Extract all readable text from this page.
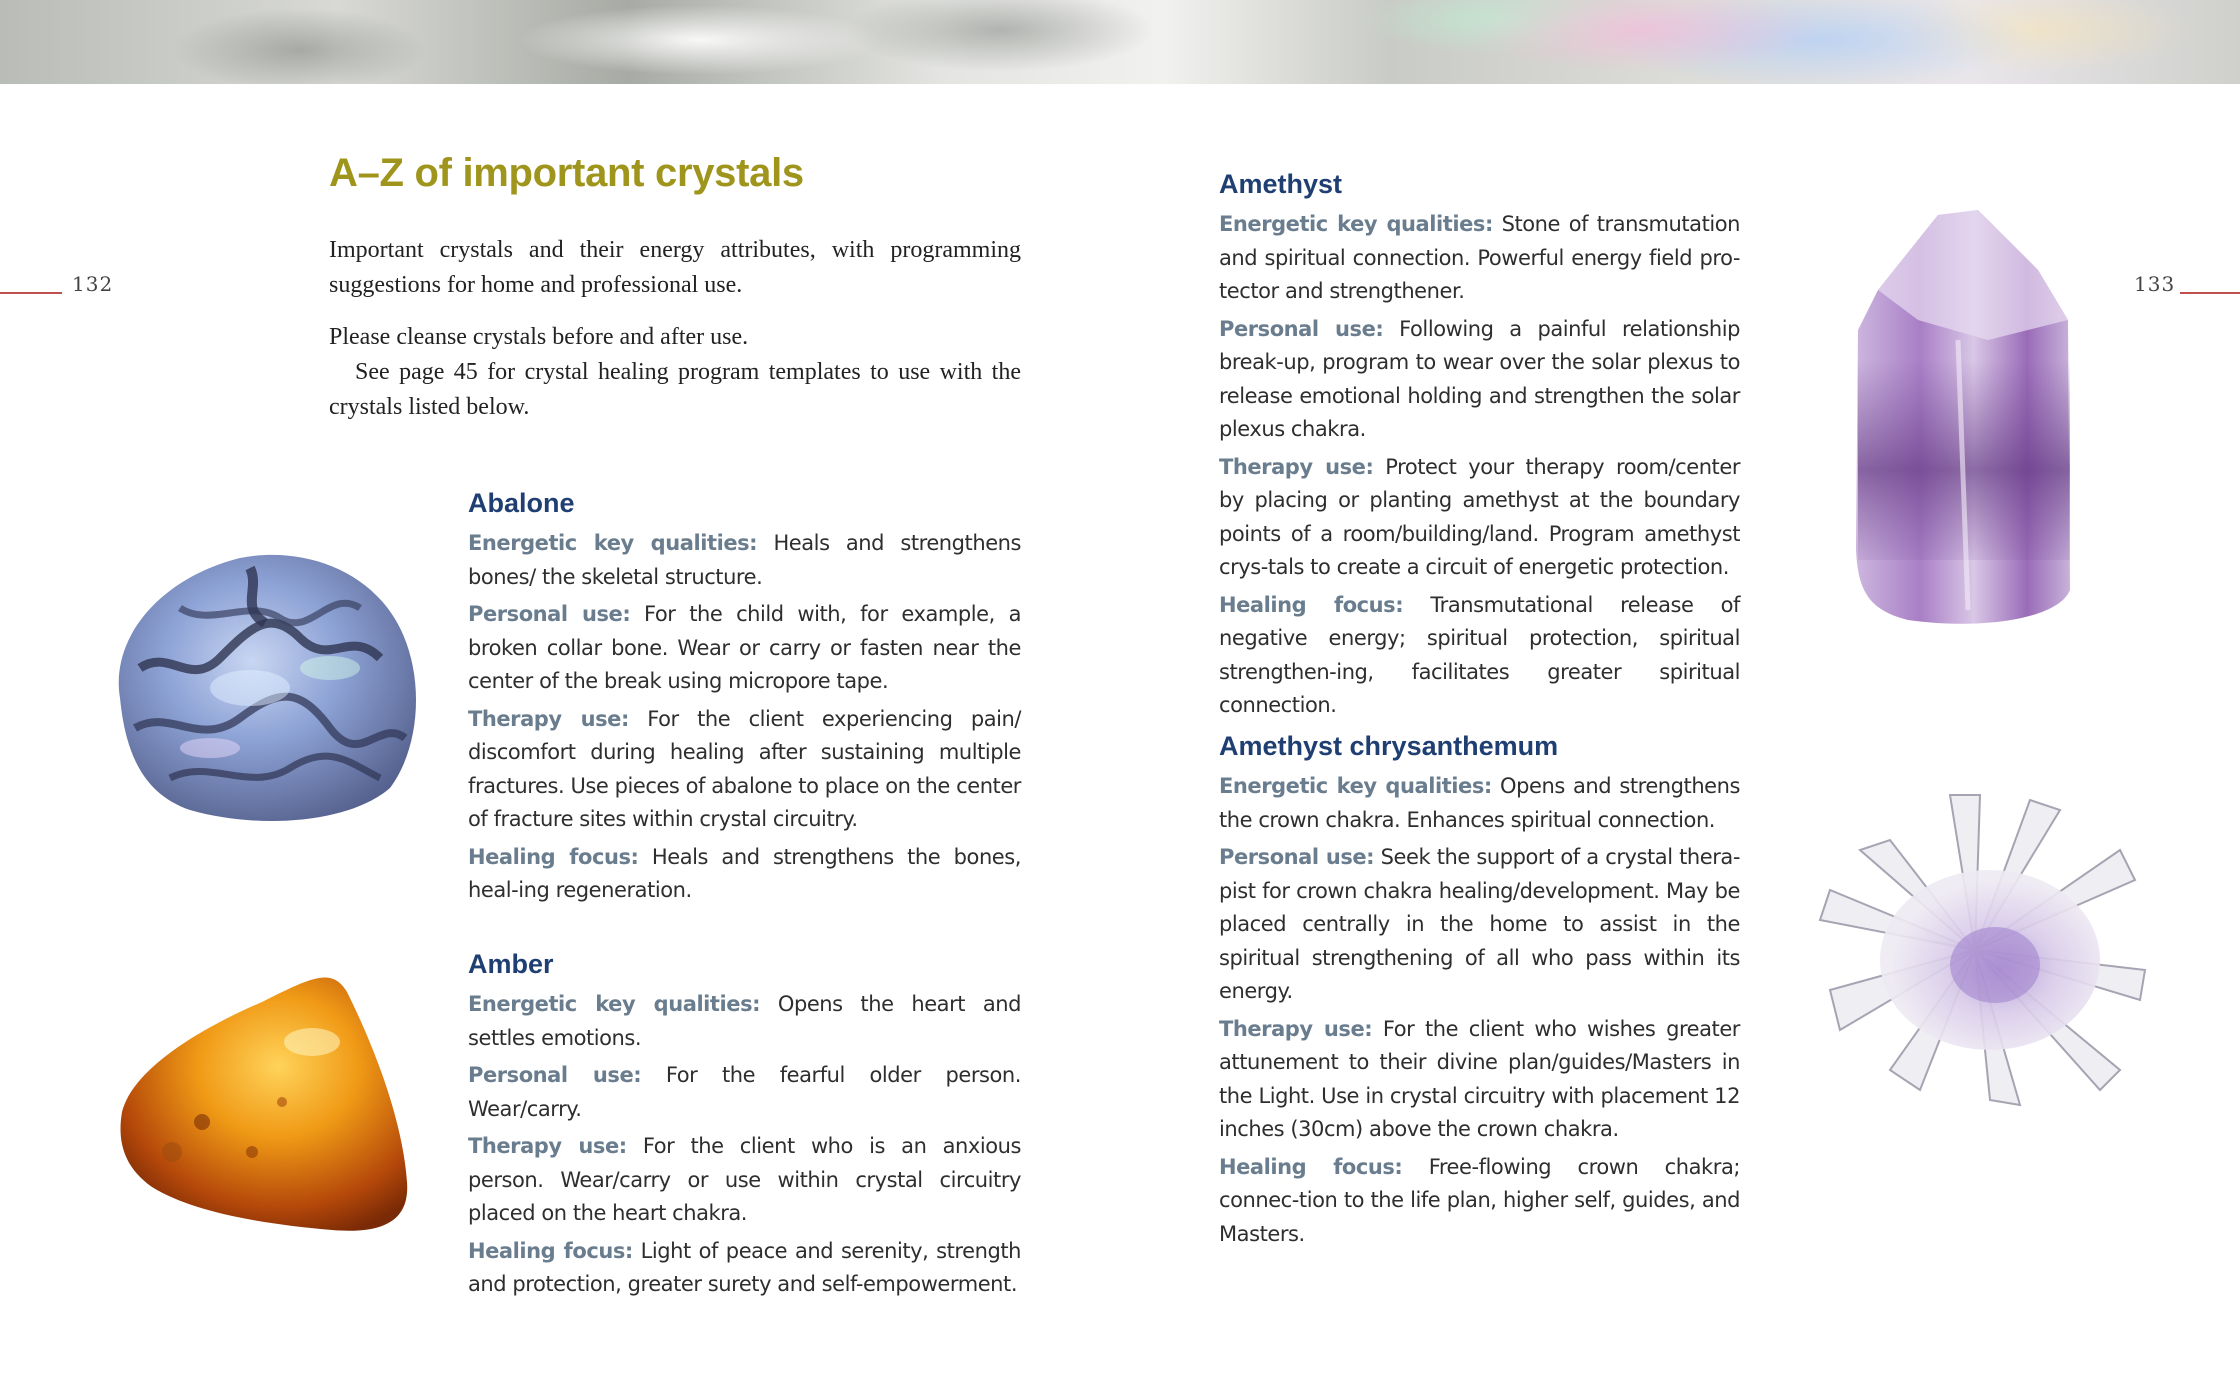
132	133
A–Z of important crystals

Important crystals and their energy attributes, with programming suggestions for home and professional use.

Please cleanse crystals before and after use.

See page 45 for crystal healing program templates to use with the crystals listed below.

Abalone

Energetic key qualities: Heals and strengthens bones/ the skeletal structure.

Personal use: For the child with, for example, a broken collar bone. Wear or carry or fasten near the center of the break using micropore tape.

Therapy use: For the client experiencing pain/ discomfort during healing after sustaining multiple fractures. Use pieces of abalone to place on the center of fracture sites within crystal circuitry.

Healing focus: Heals and strengthens the bones, heal-ing regeneration.

Amber

Energetic key qualities: Opens the heart and settles emotions.

Personal use: For the fearful older person. Wear/carry.

Therapy use: For the client who is an anxious person. Wear/carry or use within crystal circuitry placed on the heart chakra.

Healing focus: Light of peace and serenity, strength and protection, greater surety and self-empowerment.

Amethyst

Energetic key qualities: Stone of transmutation and spiritual connection. Powerful energy field pro-tector and strengthener.

Personal use: Following a painful relationship break-up, program to wear over the solar plexus to release emotional holding and strengthen the solar plexus chakra.

Therapy use: Protect your therapy room/center by placing or planting amethyst at the boundary points of a room/building/land. Program amethyst crys-tals to create a circuit of energetic protection.

Healing focus: Transmutational release of negative energy; spiritual protection, spiritual strengthen-ing, facilitates greater spiritual connection.

Amethyst chrysanthemum

Energetic key qualities: Opens and strengthens the crown chakra. Enhances spiritual connection.

Personal use: Seek the support of a crystal thera-pist for crown chakra healing/development. May be placed centrally in the home to assist in the spiritual strengthening of all who pass within its energy.

Therapy use: For the client who wishes greater attunement to their divine plan/guides/Masters in the Light. Use in crystal circuitry with placement 12 inches (30cm) above the crown chakra.

Healing focus: Free-flowing crown chakra; connec-tion to the life plan, higher self, guides, and Masters.
